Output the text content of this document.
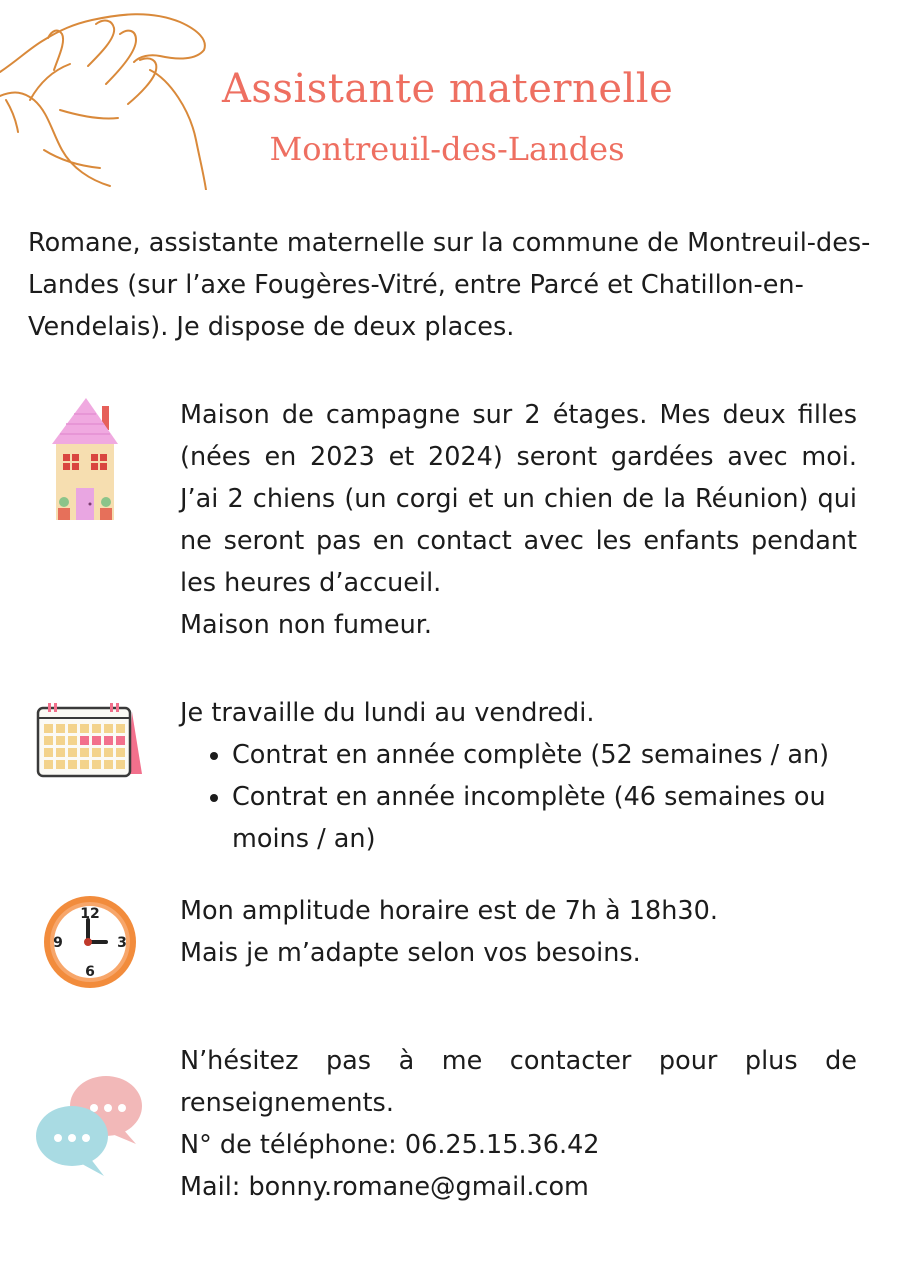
Assistante maternelle
Montreuil-des-Landes

Romane, assistante maternelle sur la commune de Montreuil-des-Landes (sur l’axe Fougères-Vitré, entre Parcé et Chatillon-en-Vendelais). Je dispose de deux places.

Maison de campagne sur 2 étages. Mes deux filles (nées en 2023 et 2024) seront gardées avec moi. J’ai 2 chiens (un corgi et un chien de la Réunion) qui ne seront pas en contact avec les enfants pendant les heures d’accueil.

Maison non fumeur.

Je travaille du lundi au vendredi.

• Contrat en année complète (52 semaines / an)
• Contrat en année incomplète (46 semaines ou moins / an)
12
3
6
9

Mon amplitude horaire est de 7h à 18h30.

Mais je m’adapte selon vos besoins.

N’hésitez pas à me contacter pour plus de renseignements.

N° de téléphone: 06.25.15.36.42

Mail: bonny.romane@gmail.com
